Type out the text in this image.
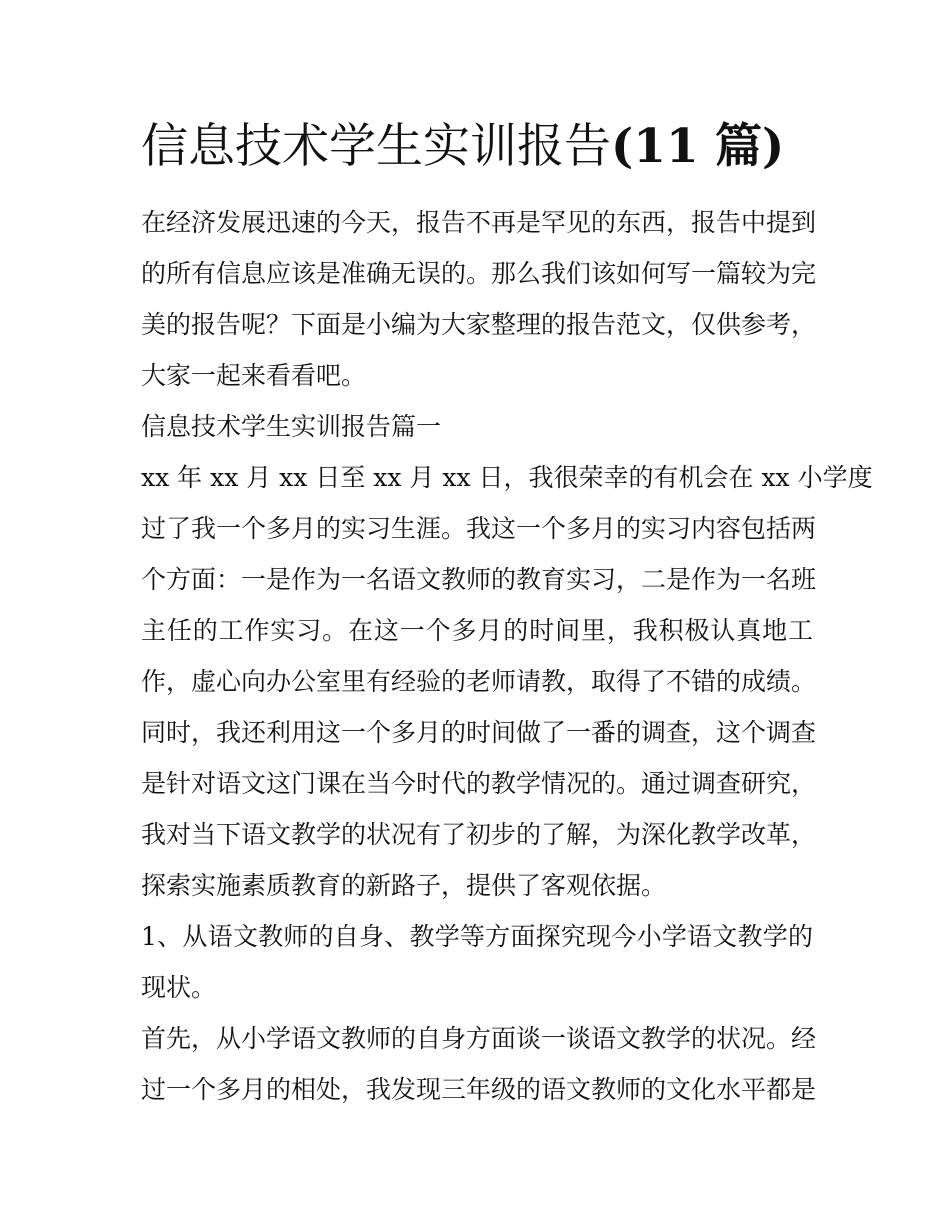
信息技术学生实训报告(11 篇)
在经济发展迅速的今天，报告不再是罕见的东西，报告中提到
的所有信息应该是准确无误的。那么我们该如何写一篇较为完
美的报告呢？下面是小编为大家整理的报告范文，仅供参考，
大家一起来看看吧。
信息技术学生实训报告篇一
xx 年 xx 月 xx 日至 xx 月 xx 日，我很荣幸的有机会在 xx 小学度
过了我一个多月的实习生涯。我这一个多月的实习内容包括两
个方面：一是作为一名语文教师的教育实习，二是作为一名班
主任的工作实习。在这一个多月的时间里，我积极认真地工
作，虚心向办公室里有经验的老师请教，取得了不错的成绩。
同时，我还利用这一个多月的时间做了一番的调查，这个调查
是针对语文这门课在当今时代的教学情况的。通过调查研究，
我对当下语文教学的状况有了初步的了解，为深化教学改革，
探索实施素质教育的新路子，提供了客观依据。
1、从语文教师的自身、教学等方面探究现今小学语文教学的
现状。
首先，从小学语文教师的自身方面谈一谈语文教学的状况。经
过一个多月的相处，我发现三年级的语文教师的文化水平都是
